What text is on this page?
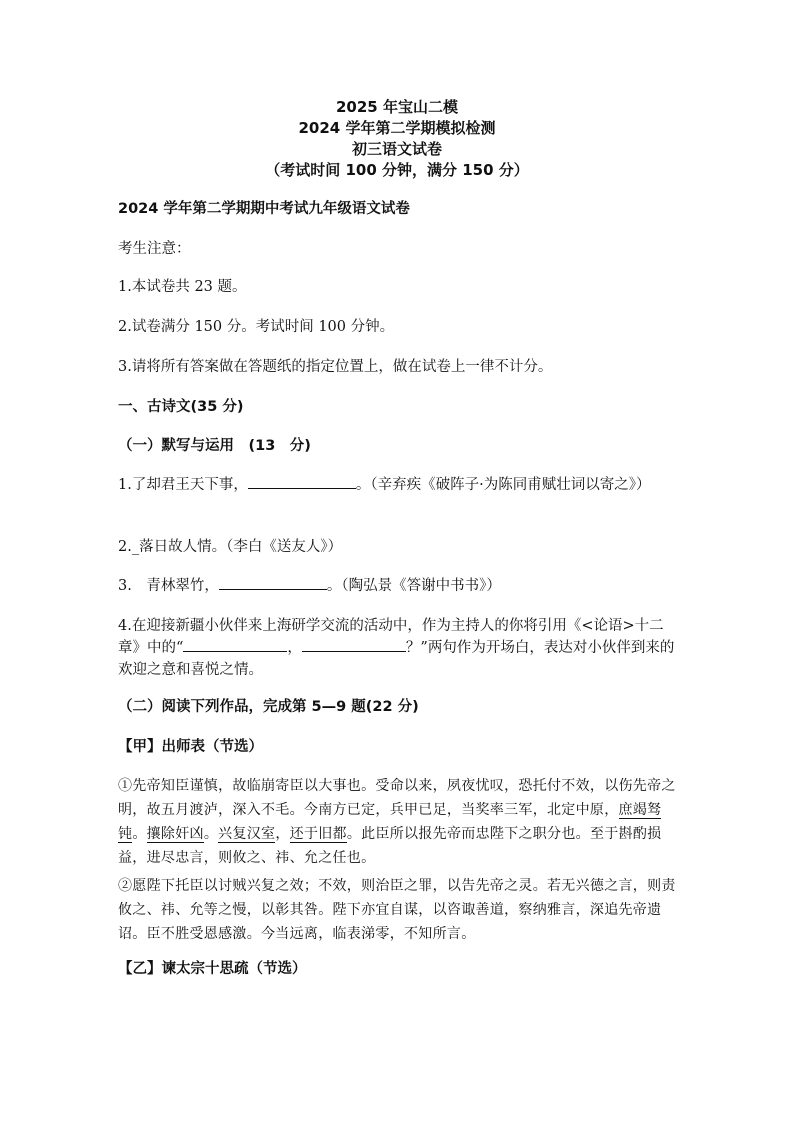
2025 年宝山二模
2024 学年第二学期模拟检测
初三语文试卷
（考试时间 100 分钟，满分 150 分）
2024 学年第二学期期中考试九年级语文试卷
考生注意：
1.本试卷共 23 题。
2.试卷满分 150 分。考试时间 100 分钟。
3.请将所有答案做在答题纸的指定位置上，做在试卷上一律不计分。
一、古诗文(35 分)
（一）默写与运用　(13　分)
1.了却君王天下事，	。（辛弃疾《破阵子·为陈同甫赋壮词以寄之》）
2._落日故人情。（李白《送友人》）
3.　青林翠竹，	。（陶弘景《答谢中书书》）
4.在迎接新疆小伙伴来上海研学交流的活动中，作为主持人的你将引用《<论语>十二章》中的“	，	？”两句作为开场白，表达对小伙伴到来的欢迎之意和喜悦之情。
（二）阅读下列作品，完成第 5—9 题(22 分)
【甲】出师表（节选）
①先帝知臣谨慎，故临崩寄臣以大事也。受命以来，夙夜忧叹，恐托付不效，以伤先帝之明，故五月渡泸，深入不毛。今南方已定，兵甲已足，当奖率三军，北定中原，庶竭驽钝。攘除奸凶。兴复汉室，还于旧都。此臣所以报先帝而忠陛下之职分也。至于斟酌损益，进尽忠言，则攸之、祎、允之任也。
②愿陛下托臣以讨贼兴复之效；不效，则治臣之罪，以告先帝之灵。若无兴德之言，则责攸之、祎、允等之慢，以彰其咎。陛下亦宜自谋，以咨诹善道，察纳雅言，深追先帝遗诏。臣不胜受恩感激。今当远离，临表涕零，不知所言。
【乙】谏太宗十思疏（节选）
